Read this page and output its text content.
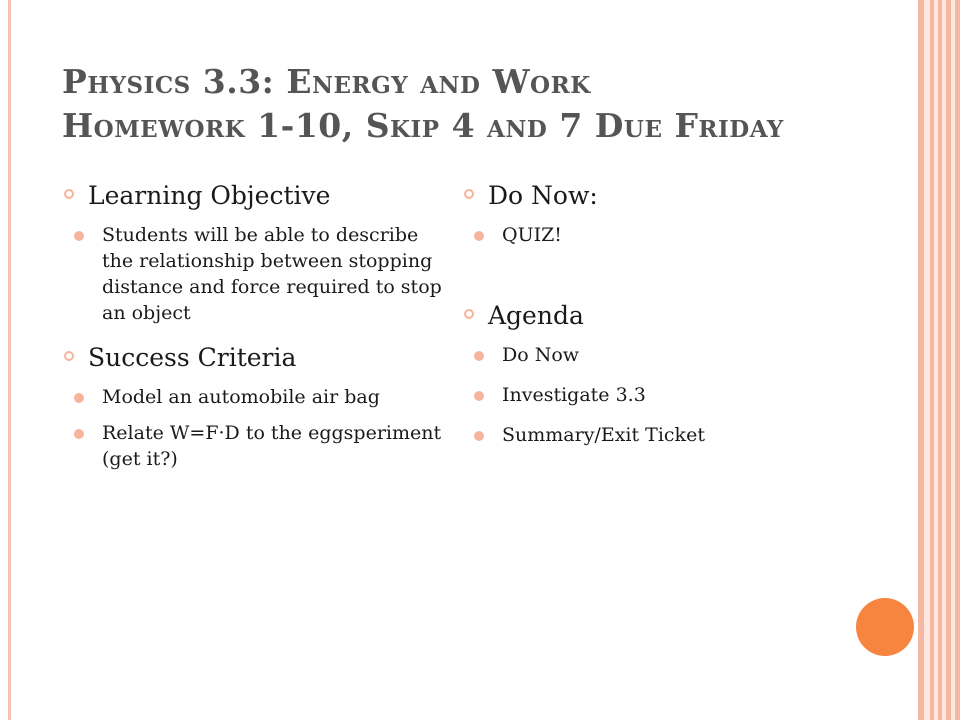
Physics 3.3: Energy and Work
Homework 1-10, Skip 4 and 7 Due Friday
Learning Objective
Students will be able to describe the relationship between stopping distance and force required to stop an object
Success Criteria
Model an automobile air bag
Relate W=F·D to the eggsperiment (get it?)
Do Now:
QUIZ!
Agenda
Do Now
Investigate 3.3
Summary/Exit Ticket
